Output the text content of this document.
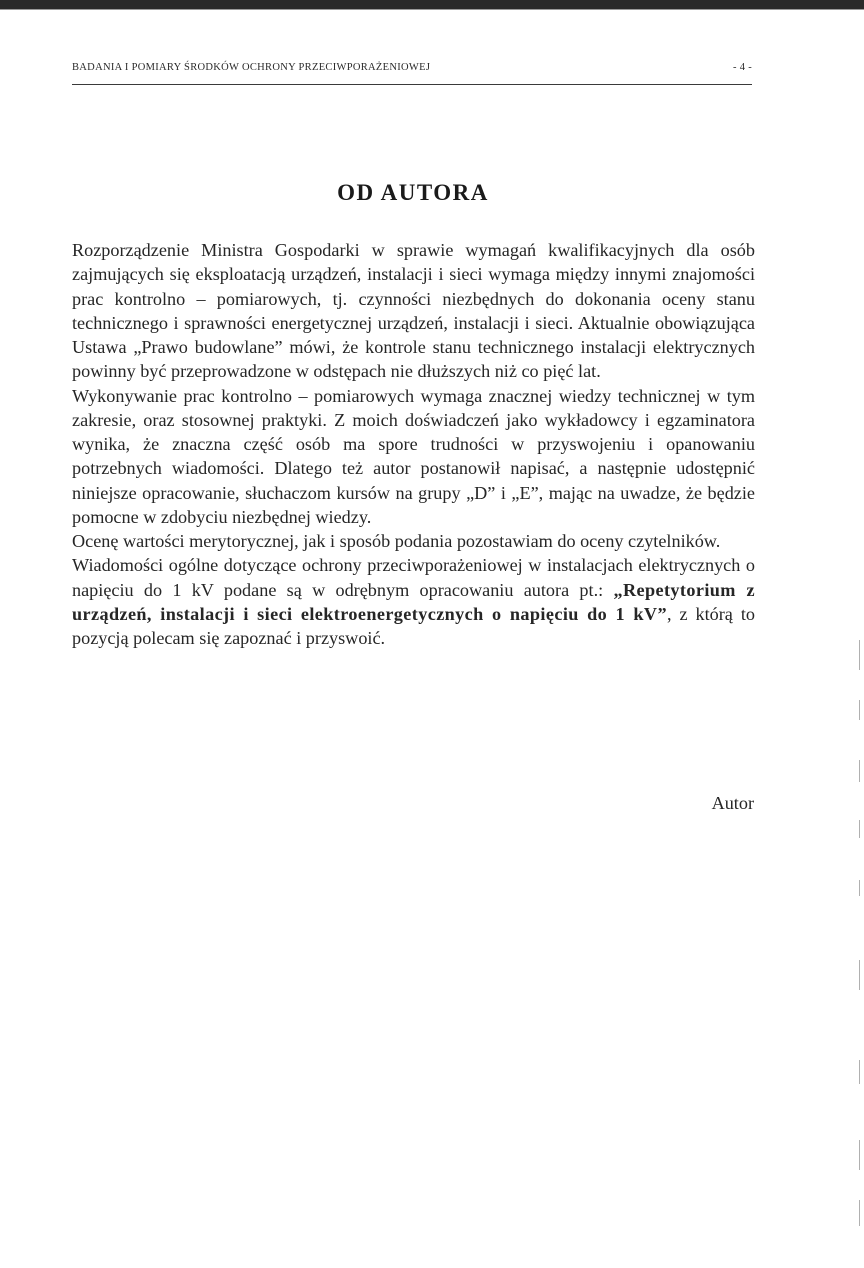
BADANIA I POMIARY ŚRODKÓW OCHRONY PRZECIWPORAŻENIOWEJ	- 4 -
OD AUTORA

Rozporządzenie Ministra Gospodarki w sprawie wymagań kwalifikacyjnych dla osób zajmujących się eksploatacją urządzeń, instalacji i sieci wymaga między innymi znajomości prac kontrolno – pomiarowych, tj. czynności niezbędnych do dokonania oceny stanu technicznego i sprawności energetycznej urządzeń, instalacji i sieci. Aktualnie obowiązująca Ustawa „Prawo budowlane” mówi, że kontrole stanu technicznego instalacji elektrycznych powinny być przeprowadzone w odstępach nie dłuższych niż co pięć lat.

Wykonywanie prac kontrolno – pomiarowych wymaga znacznej wiedzy technicznej w tym zakresie, oraz stosownej praktyki. Z moich doświadczeń jako wykładowcy i egzaminatora wynika, że znaczna część osób ma spore trudności w przyswojeniu i opanowaniu potrzebnych wiadomości. Dlatego też autor postanowił napisać, a następnie udostępnić niniejsze opracowanie, słuchaczom kursów na grupy „D” i „E”, mając na uwadze, że będzie pomocne w zdobyciu niezbędnej wiedzy.

Ocenę wartości merytorycznej, jak i sposób podania pozostawiam do oceny czytelników.

Wiadomości ogólne dotyczące ochrony przeciwporażeniowej w instalacjach elektrycznych o napięciu do 1 kV podane są w odrębnym opracowaniu autora pt.: „Repetytorium z urządzeń, instalacji i sieci elektroenergetycznych o napięciu do 1 kV”, z którą to pozycją polecam się zapoznać i przyswoić.

Autor
